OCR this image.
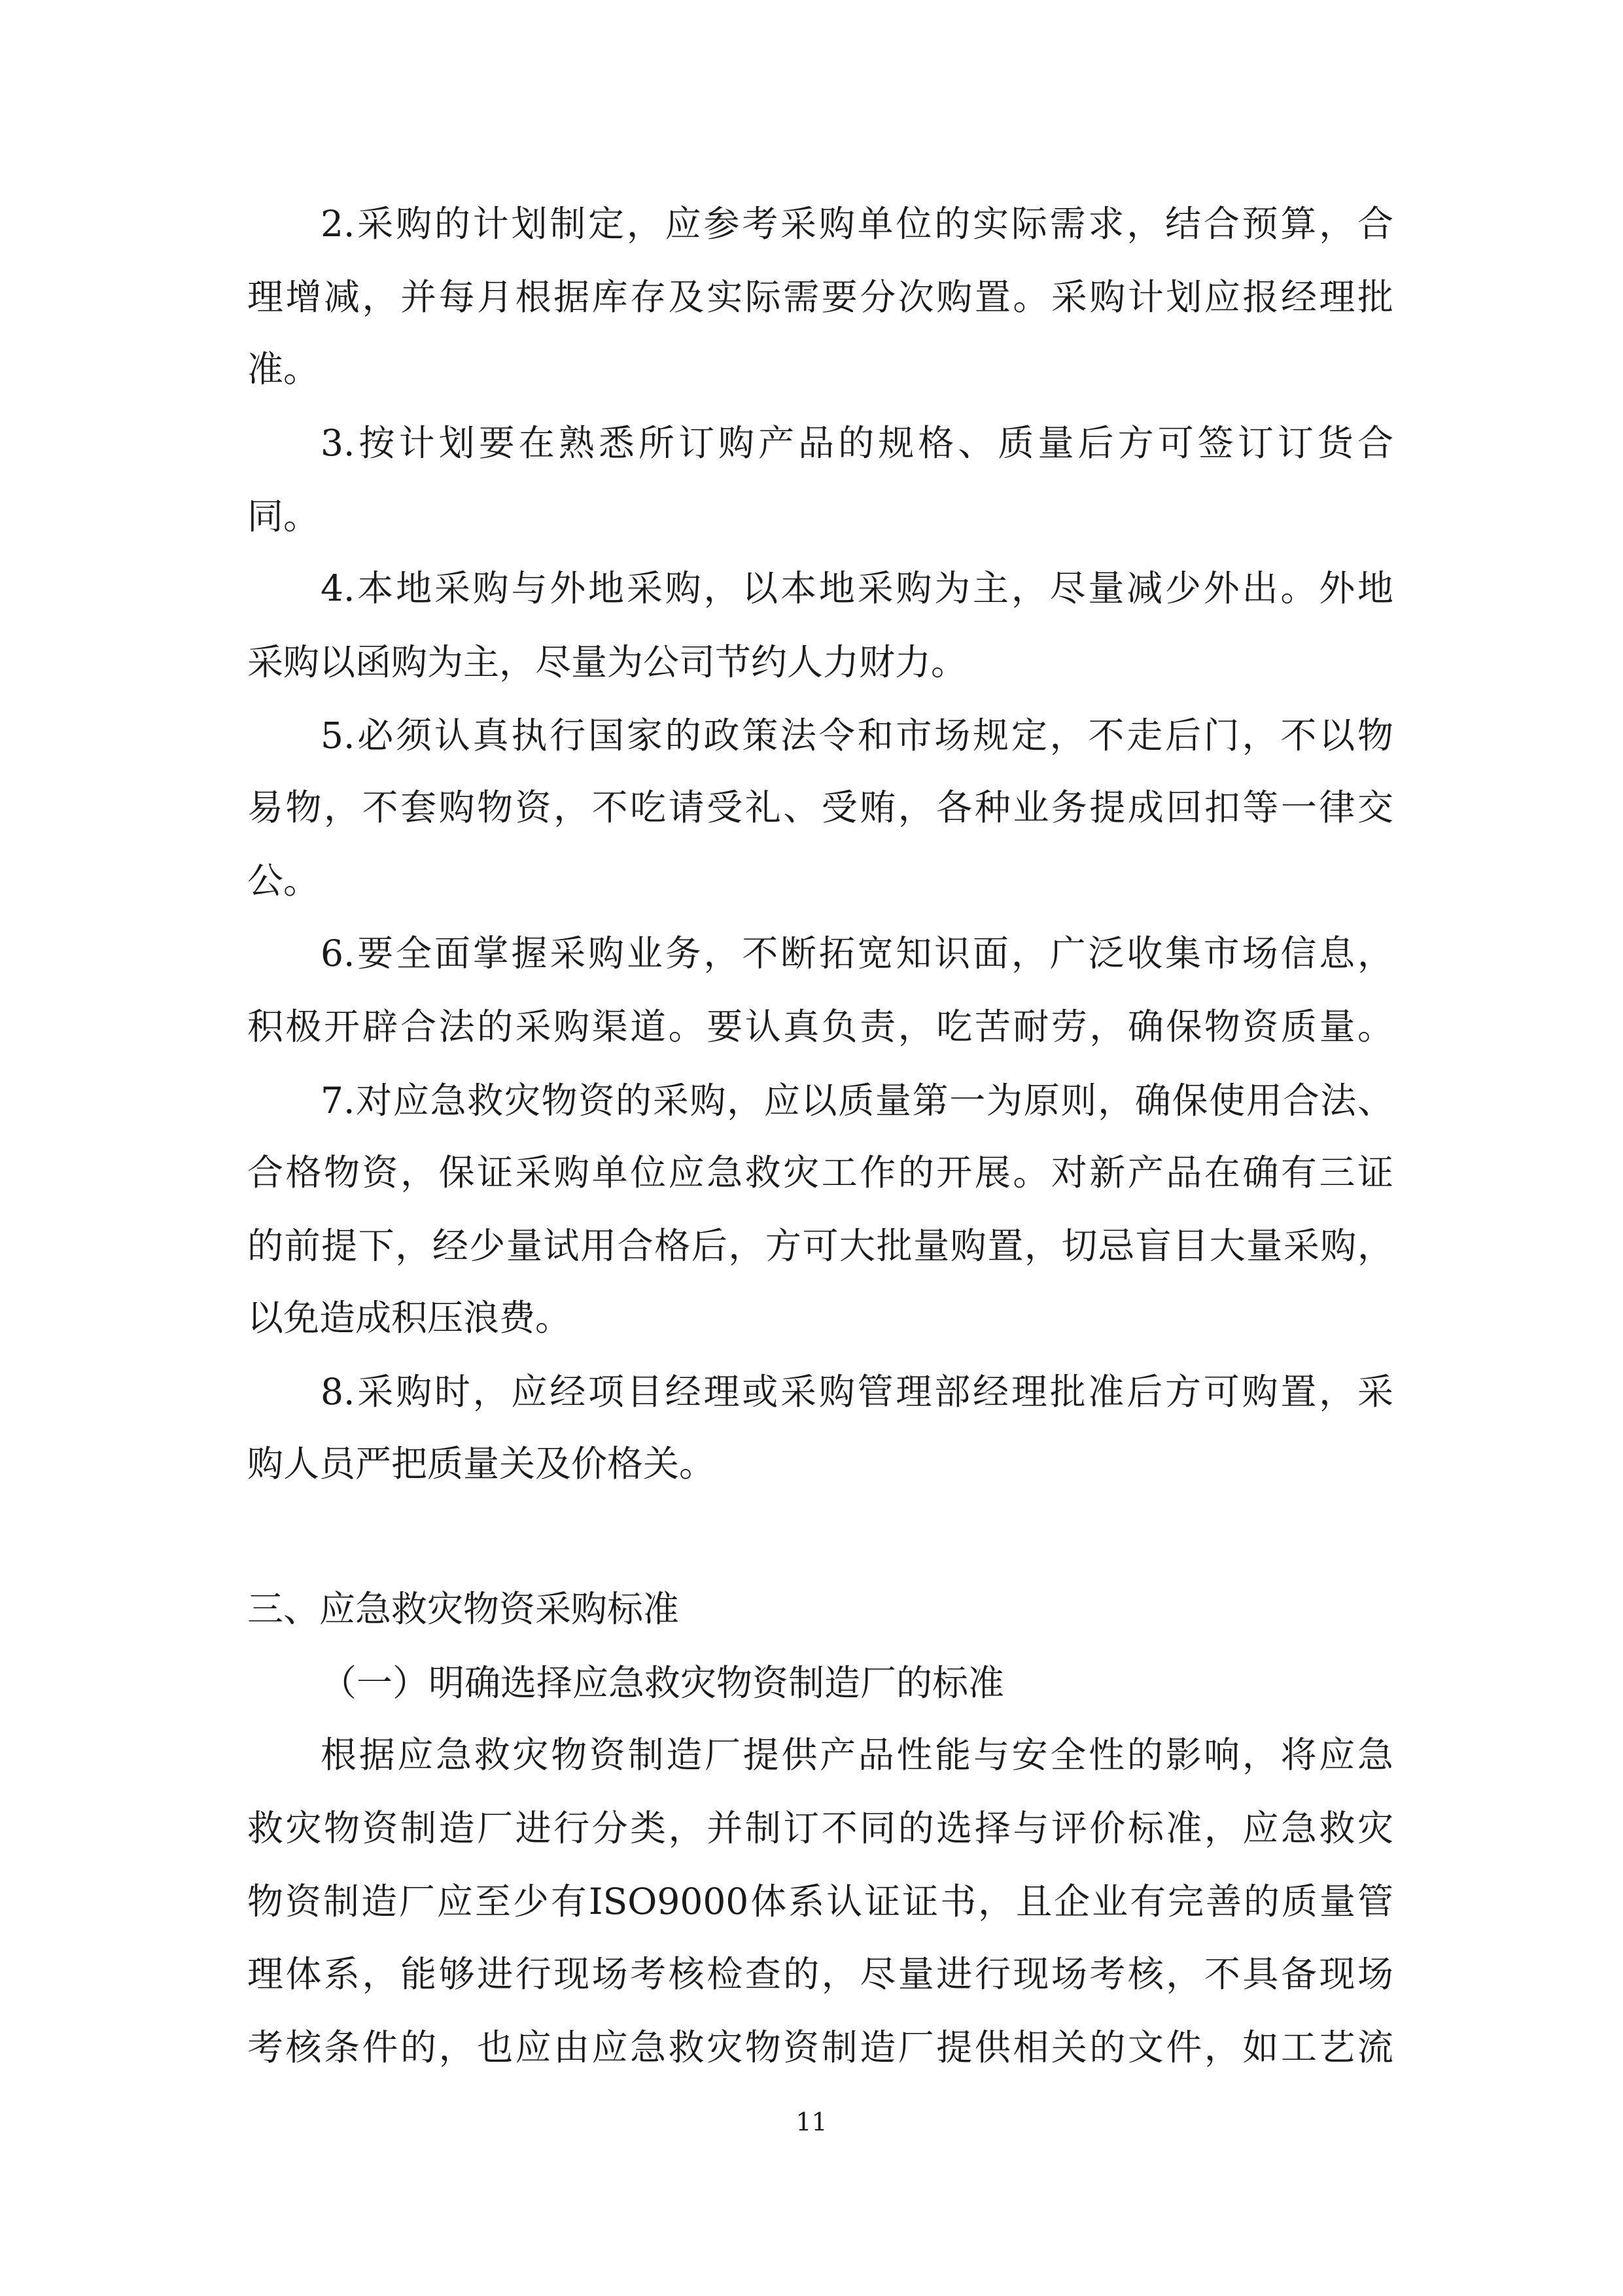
2.采购的计划制定，应参考采购单位的实际需求，结合预算，合
理增减，并每月根据库存及实际需要分次购置。采购计划应报经理批
准。
3.按计划要在熟悉所订购产品的规格、质量后方可签订订货合
同。
4.本地采购与外地采购，以本地采购为主，尽量减少外出。外地
采购以函购为主，尽量为公司节约人力财力。
5.必须认真执行国家的政策法令和市场规定，不走后门，不以物
易物，不套购物资，不吃请受礼、受贿，各种业务提成回扣等一律交
公。
6.要全面掌握采购业务，不断拓宽知识面，广泛收集市场信息，
积极开辟合法的采购渠道。要认真负责，吃苦耐劳，确保物资质量。
7.对应急救灾物资的采购，应以质量第一为原则，确保使用合法、
合格物资，保证采购单位应急救灾工作的开展。对新产品在确有三证
的前提下，经少量试用合格后，方可大批量购置，切忌盲目大量采购，
以免造成积压浪费。
8.采购时，应经项目经理或采购管理部经理批准后方可购置，采
购人员严把质量关及价格关。
三、应急救灾物资采购标准
（一）明确选择应急救灾物资制造厂的标准
根据应急救灾物资制造厂提供产品性能与安全性的影响，将应急
救灾物资制造厂进行分类，并制订不同的选择与评价标准，应急救灾
物资制造厂应至少有ISO9000体系认证证书，且企业有完善的质量管
理体系，能够进行现场考核检查的，尽量进行现场考核，不具备现场
考核条件的，也应由应急救灾物资制造厂提供相关的文件，如工艺流
11
